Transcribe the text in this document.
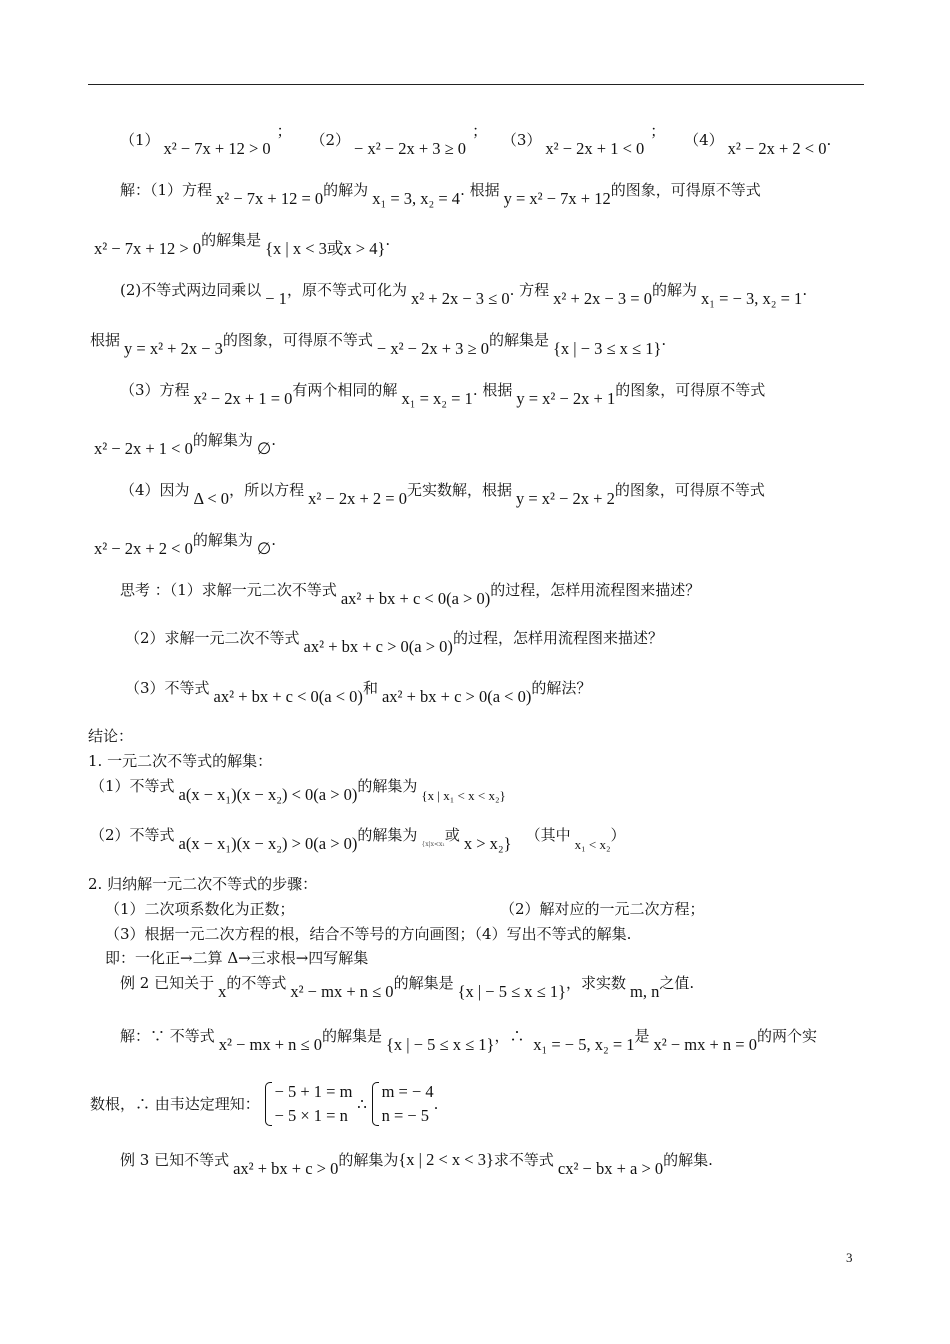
（1） x² − 7x + 12 > 0； （2） − x² − 2x + 3 ≥ 0； （3） x² − 2x + 1 < 0； （4） x² − 2x + 2 < 0.
解：（1）方程 x² − 7x + 12 = 0的解为 x₁ = 3, x₂ = 4. 根据 y = x² − 7x + 12的图象，可得原不等式
x² − 7x + 12 > 0的解集是 {x | x < 3或x > 4}.
(2)不等式两边同乘以 − 1，原不等式可化为 x² + 2x − 3 ≤ 0. 方程 x² + 2x − 3 = 0的解为 x₁ = − 3, x₂ = 1.
根据 y = x² + 2x − 3的图象，可得原不等式 − x² − 2x + 3 ≥ 0的解集是 {x | − 3 ≤ x ≤ 1}.
（3）方程 x² − 2x + 1 = 0有两个相同的解 x₁ = x₂ = 1. 根据 y = x² − 2x + 1的图象，可得原不等式
x² − 2x + 1 < 0的解集为 ∅.
（4）因为 Δ < 0，所以方程 x² − 2x + 2 = 0无实数解，根据 y = x² − 2x + 2的图象，可得原不等式
x² − 2x + 2 < 0的解集为 ∅.
思考 ：（1）求解一元二次不等式 ax² + bx + c < 0(a > 0)的过程，怎样用流程图来描述？
（2）求解一元二次不等式 ax² + bx + c > 0(a > 0)的过程，怎样用流程图来描述？
（3）不等式 ax² + bx + c < 0(a < 0)和 ax² + bx + c > 0(a < 0)的解法？
结论：
1. 一元二次不等式的解集：
（1）不等式 a(x − x₁)(x − x₂) < 0(a > 0)的解集为{x | x₁ < x < x₂}
（2）不等式 a(x − x₁)(x − x₂) > 0(a > 0)的解集为$_{\{x|x<x_1}$或 x > x₂} （其中x₁ < x₂）
2. 归纳解一元二次不等式的步骤：
（1）二次项系数化为正数；	（2）解对应的一元二次方程；
（3）根据一元二次方程的根，结合不等号的方向画图；（4）写出不等式的解集.
即：一化正→二算 Δ→三求根→四写解集
例 2 已知关于 x的不等式 x² − mx + n ≤ 0的解集是 {x | − 5 ≤ x ≤ 1}，求实数 m, n之值.
解：∵ 不等式 x² − mx + n ≤ 0的解集是 {x | − 5 ≤ x ≤ 1}，∴ x₁ = − 5, x₂ = 1是 x² − mx + n = 0的两个实
数根，∴ 由韦达定理知：
− 5 + 1 = m
− 5 × 1 = n
∴
m = − 4
n = − 5
.
例 3 已知不等式 ax² + bx + c > 0的解集为{x | 2 < x < 3}求不等式 cx² − bx + a > 0的解集.
3
